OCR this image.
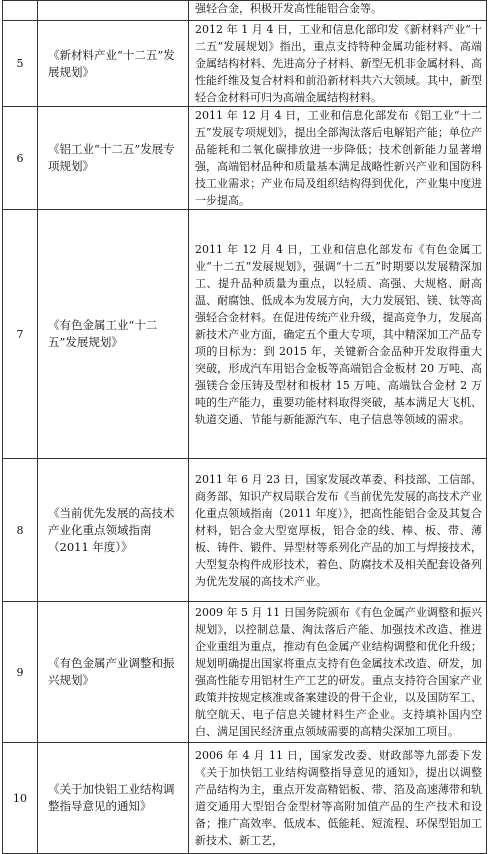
		强轻合金，积极开发高性能铝合金等。

5	《新材料产业“十二五”发展规划》	2012 年 1 月 4 日，工业和信息化部印发《新材料产业“十二五”发展规划》指出，重点支持特种金属功能材料、高端金属结构材料、先进高分子材料、新型无机非金属材料、高性能纤维及复合材料和前沿新材料共六大领域。其中，新型轻合金材料可归为高端金属结构材料。
6	《铝工业“十二五”发展专项规划》	2011 年 12 月 4 日，工业和信息化部发布《铝工业“十二五”发展专项规划》，提出全部淘汰落后电解铝产能；单位产品能耗和二氧化碳排放进一步降低；技术创新能力显著增强，高端铝材品种和质量基本满足战略性新兴产业和国防科技工业需求；产业布局及组织结构得到优化，产业集中度进一步提高。
7	《有色金属工业“十二五”发展规划》	2011 年 12 月 4 日，工业和信息化部发布《有色金属工业“十二五”发展规划》，强调“十二五”时期要以发展精深加工、提升品种质量为重点，以轻质、高强、大规格、耐高温、耐腐蚀、低成本为发展方向，大力发展铝、镁、钛等高强轻合金材料。在促进传统产业升级，提高竞争力，发展高新技术产业方面，确定五个重大专项，其中精深加工产品专项的目标为：到 2015 年，关键新合金品种开发取得重大突破，形成汽车用铝合金板等高端铝合金板材 20 万吨、高强镁合金压铸及型材和板材 15 万吨、高端钛合金材 2 万吨的生产能力，重要功能材料取得突破，基本满足大飞机、轨道交通、节能与新能源汽车、电子信息等领域的需求。
8	《当前优先发展的高技术产业化重点领域指南（2011 年度）》	2011 年 6 月 23 日，国家发展改革委、科技部、工信部、商务部、知识产权局联合发布《当前优先发展的高技术产业化重点领域指南（2011 年度）》，把高性能铝合金及其复合材料，铝合金大型宽厚板，铝合金的线、棒、板、带、薄板、铸件、锻件、异型材等系列化产品的加工与焊接技术，大型复杂构件成形技术，着色、防腐技术及相关配套设备列为优先发展的高技术产业。
9	《有色金属产业调整和振兴规划》	2009 年 5 月 11 日国务院颁布《有色金属产业调整和振兴规划》，以控制总量、淘汰落后产能、加强技术改造、推进企业重组为重点，推动有色金属产业结构调整和优化升级；规划明确提出国家将重点支持有色金属技术改造、研发，加强高性能专用铝材生产工艺的研发。重点支持符合国家产业政策并按规定核准或备案建设的骨干企业，以及国防军工、航空航天、电子信息关键材料生产企业。支持填补国内空白、满足国民经济重点领域需要的高精尖深加工项目。
10	《关于加快铝工业结构调整指导意见的通知》	2006 年 4 月 11 日，国家发改委、财政部等九部委下发《关于加快铝工业结构调整指导意见的通知》，提出以调整产品结构为主，重点开发高精铝板、带、箔及高速薄带和轨道交通用大型铝合金型材等高附加值产品的生产技术和设备；推广高效率、低成本、低能耗、短流程、环保型铝加工新技术、新工艺，
